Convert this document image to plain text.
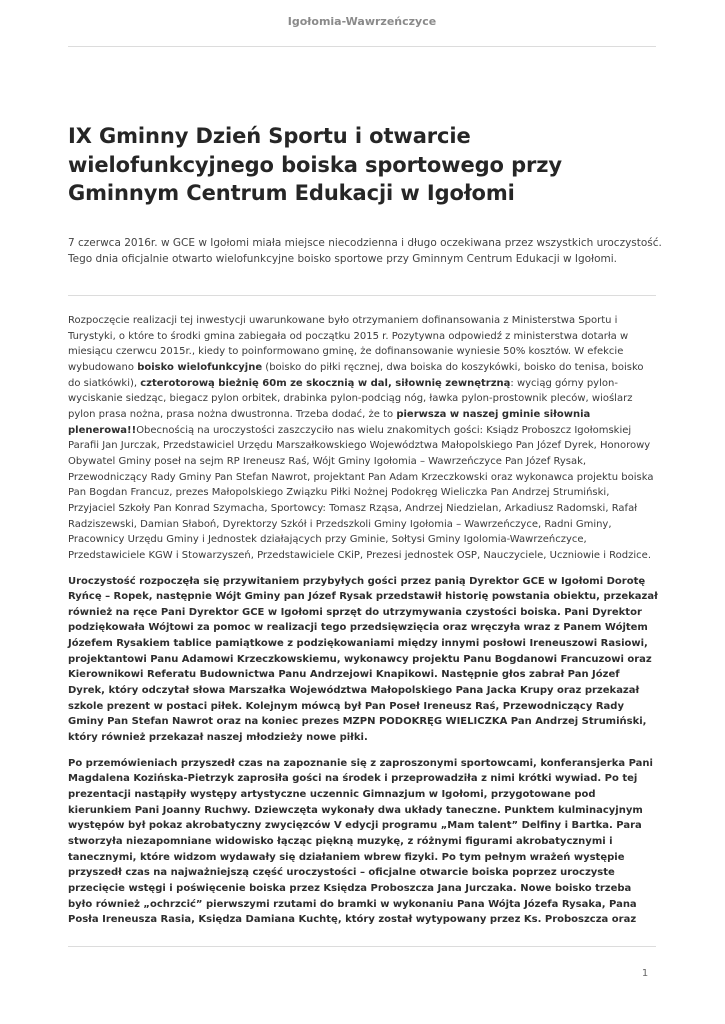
Igołomia-Wawrzeńczyce
IX Gminny Dzień Sportu i otwarcie wielofunkcyjnego boiska sportowego przy Gminnym Centrum Edukacji w Igołomi

7 czerwca 2016r. w GCE w Igołomi miała miejsce niecodzienna i długo oczekiwana przez wszystkich uroczystość. Tego dnia oficjalnie otwarto wielofunkcyjne boisko sportowe przy Gminnym Centrum Edukacji w Igołomi.

Rozpoczęcie realizacji tej inwestycji uwarunkowane było otrzymaniem dofinansowania z Ministerstwa Sportu i Turystyki, o które to środki gmina zabiegała od początku 2015 r. Pozytywna odpowiedź z ministerstwa dotarła w miesiącu czerwcu 2015r., kiedy to poinformowano gminę, że dofinansowanie wyniesie 50% kosztów. W efekcie wybudowano boisko wielofunkcyjne (boisko do piłki ręcznej, dwa boiska do koszykówki, boisko do tenisa, boisko do siatkówki), czterotorową bieżnię 60m ze skocznią w dal, siłownię zewnętrzną: wyciąg górny pylon-wyciskanie siedząc, biegacz pylon orbitek, drabinka pylon-podciąg nóg, ławka pylon-prostownik pleców, wioślarz pylon prasa nożna, prasa nożna dwustronna. Trzeba dodać, że to pierwsza w naszej gminie siłownia plenerowa!!Obecnością na uroczystości zaszczyciło nas wielu znakomitych gości: Ksiądz Proboszcz Igołomskiej Parafii Jan Jurczak, Przedstawiciel Urzędu Marszałkowskiego Województwa Małopolskiego Pan Józef Dyrek, Honorowy Obywatel Gminy poseł na sejm RP Ireneusz Raś, Wójt Gminy Igołomia – Wawrzeńczyce Pan Józef Rysak, Przewodniczący Rady Gminy Pan Stefan Nawrot, projektant Pan Adam Krzeczkowski oraz wykonawca projektu boiska Pan Bogdan Francuz, prezes Małopolskiego Związku Piłki Nożnej Podokręg Wieliczka Pan Andrzej Strumiński, Przyjaciel Szkoły Pan Konrad Szymacha, Sportowcy: Tomasz Rząsa, Andrzej Niedzielan, Arkadiusz Radomski, Rafał Radziszewski, Damian Słaboń, Dyrektorzy Szkół i Przedszkoli Gminy Igołomia – Wawrzeńczyce, Radni Gminy, Pracownicy Urzędu Gminy i Jednostek działających przy Gminie, Sołtysi Gminy Igolomia-Wawrzeńczyce, Przedstawiciele KGW i Stowarzyszeń, Przedstawiciele CKiP, Prezesi jednostek OSP, Nauczyciele, Uczniowie i Rodzice.

Uroczystość rozpoczęła się przywitaniem przybyłych gości przez panią Dyrektor GCE w Igołomi Dorotę Ryńcę – Ropek, następnie Wójt Gminy pan Józef Rysak przedstawił historię powstania obiektu, przekazał również na ręce Pani Dyrektor GCE w Igołomi sprzęt do utrzymywania czystości boiska. Pani Dyrektor podziękowała Wójtowi za pomoc w realizacji tego przedsięwzięcia oraz wręczyła wraz z Panem Wójtem Józefem Rysakiem tablice pamiątkowe z podziękowaniami między innymi posłowi Ireneuszowi Rasiowi, projektantowi Panu Adamowi Krzeczkowskiemu, wykonawcy projektu Panu Bogdanowi Francuzowi oraz Kierownikowi Referatu Budownictwa Panu Andrzejowi Knapikowi. Następnie głos zabrał Pan Józef Dyrek, który odczytał słowa Marszałka Województwa Małopolskiego Pana Jacka Krupy oraz przekazał szkole prezent w postaci piłek. Kolejnym mówcą był Pan Poseł Ireneusz Raś, Przewodniczący Rady Gminy Pan Stefan Nawrot oraz na koniec prezes MZPN PODOKRĘG WIELICZKA Pan Andrzej Strumiński, który również przekazał naszej młodzieży nowe piłki.

Po przemówieniach przyszedł czas na zapoznanie się z zaproszonymi sportowcami, konferansjerka Pani Magdalena Kozińska-Pietrzyk zaprosiła gości na środek i przeprowadziła z nimi krótki wywiad. Po tej prezentacji nastąpiły występy artystyczne uczennic Gimnazjum w Igołomi, przygotowane pod kierunkiem Pani Joanny Ruchwy. Dziewczęta wykonały dwa układy taneczne. Punktem kulminacyjnym występów był pokaz akrobatyczny zwycięzców V edycji programu „Mam talent” Delfiny i Bartka. Para stworzyła niezapomniane widowisko łącząc piękną muzykę, z różnymi figurami akrobatycznymi i tanecznymi, które widzom wydawały się działaniem wbrew fizyki. Po tym pełnym wrażeń występie przyszedł czas na najważniejszą część uroczystości – oficjalne otwarcie boiska poprzez uroczyste przecięcie wstęgi i poświęcenie boiska przez Księdza Proboszcza Jana Jurczaka. Nowe boisko trzeba było również „ochrzcić” pierwszymi rzutami do bramki w wykonaniu Pana Wójta Józefa Rysaka, Pana Posła Ireneusza Rasia, Księdza Damiana Kuchtę, który został wytypowany przez Ks. Proboszcza oraz

1
